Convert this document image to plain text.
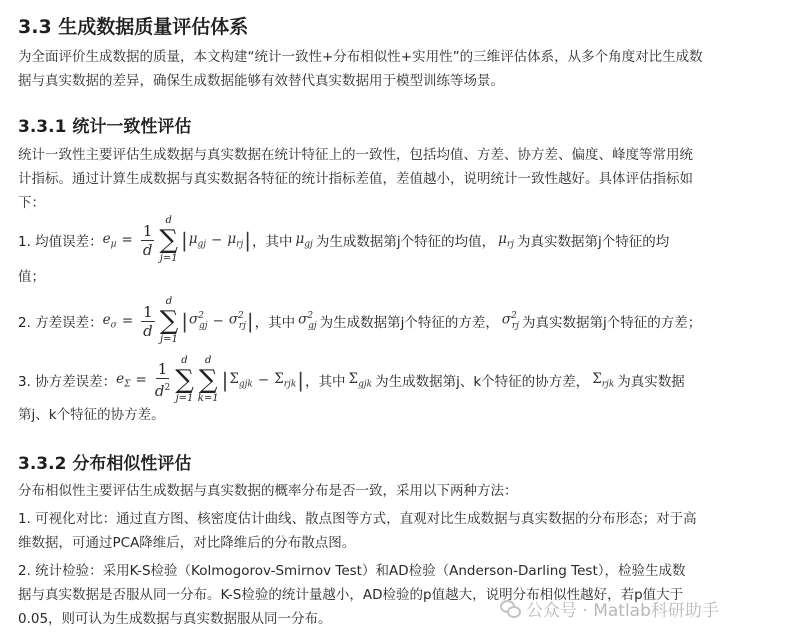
3.3 生成数据质量评估体系

为全面评价生成数据的质量，本文构建“统计一致性+分布相似性+实用性”的三维评估体系，从多个角度对比生成数

据与真实数据的差异，确保生成数据能够有效替代真实数据用于模型训练等场景。

3.3.1 统计一致性评估

统计一致性主要评估生成数据与真实数据在统计特征上的一致性，包括均值、方差、协方差、偏度、峰度等常用统

计指标。通过计算生成数据与真实数据各特征的统计指标差值，差值越小，说明统计一致性越好。具体评估指标如

下：

1. 均值误差： $e_\mu = \frac{1}{d}$
d
∑
j=1
| $\mu_{gj} - \mu_{rj}$ | ，其中 $\mu_{gj}$ 为生成数据第j个特征的均值， $\mu_{rj}$ 为真实数据第j个特征的均

值；

2. 方差误差： $e_\sigma = \frac{1}{d}$
d
∑
j=1
| $\sigma^2_{gj} - \sigma^2_{rj}$ | ，其中 $\sigma^2_{gj}$ 为生成数据第j个特征的方差， $\sigma^2_{rj}$ 为真实数据第j个特征的方差；
3. 协方差误差： $e_\Sigma = \frac{1}{d^2}$ d
∑
j=1
d
∑
k=1
| $\Sigma_{gjk} - \Sigma_{rjk}$ | ，其中 $\Sigma_{gjk}$ 为生成数据第j、k个特征的协方差， $\Sigma_{rjk}$ 为真实数据

第j、k个特征的协方差。

3.3.2 分布相似性评估

分布相似性主要评估生成数据与真实数据的概率分布是否一致，采用以下两种方法：

1. 可视化对比：通过直方图、核密度估计曲线、散点图等方式，直观对比生成数据与真实数据的分布形态；对于高

维数据，可通过PCA降维后，对比降维后的分布散点图。

2. 统计检验：采用K-S检验（Kolmogorov-Smirnov Test）和AD检验（Anderson-Darling Test），检验生成数

据与真实数据是否服从同一分布。K-S检验的统计量越小，AD检验的p值越大，说明分布相似性越好，若p值大于

0.05，则可认为生成数据与真实数据服从同一分布。	公众号 · Matlab科研助手
